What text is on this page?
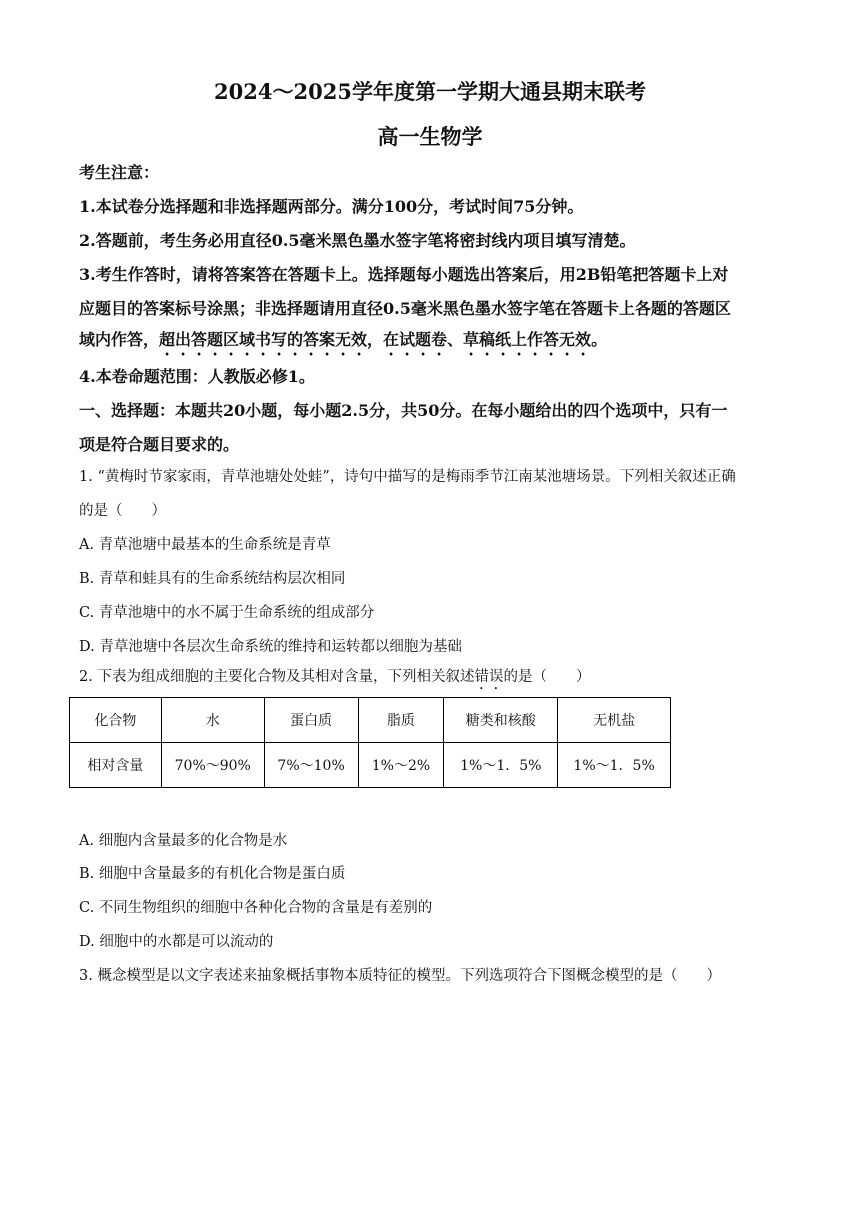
2024～2025学年度第一学期大通县期末联考
高一生物学
考生注意：
1.本试卷分选择题和非选择题两部分。满分100分，考试时间75分钟。
2.答题前，考生务必用直径0.5毫米黑色墨水签字笔将密封线内项目填写清楚。
3.考生作答时，请将答案答在答题卡上。选择题每小题选出答案后，用2B铅笔把答题卡上对
应题目的答案标号涂黑；非选择题请用直径0.5毫米黑色墨水签字笔在答题卡上各题的答题区
域内作答，超出答题区域书写的答案无效，在试题卷、草稿纸上作答无效。
4.本卷命题范围：人教版必修1。
一、选择题：本题共20小题，每小题2.5分，共50分。在每小题给出的四个选项中，只有一
项是符合题目要求的。
1. “黄梅时节家家雨，青草池塘处处蛙”，诗句中描写的是梅雨季节江南某池塘场景。下列相关叙述正确
的是（　　）
A. 青草池塘中最基本的生命系统是青草
B. 青草和蛙具有的生命系统结构层次相同
C. 青草池塘中的水不属于生命系统的组成部分
D. 青草池塘中各层次生命系统的维持和运转都以细胞为基础
2. 下表为组成细胞的主要化合物及其相对含量，下列相关叙述错误的是（　　）
化合物	水	蛋白质	脂质	糖类和核酸	无机盐
相对含量	70%～90%	7%～10%	1%～2%	1%～1．5%	1%～1．5%
A. 细胞内含量最多的化合物是水
B. 细胞中含量最多的有机化合物是蛋白质
C. 不同生物组织的细胞中各种化合物的含量是有差别的
D. 细胞中的水都是可以流动的
3. 概念模型是以文字表述来抽象概括事物本质特征的模型。下列选项符合下图概念模型的是（　　）
